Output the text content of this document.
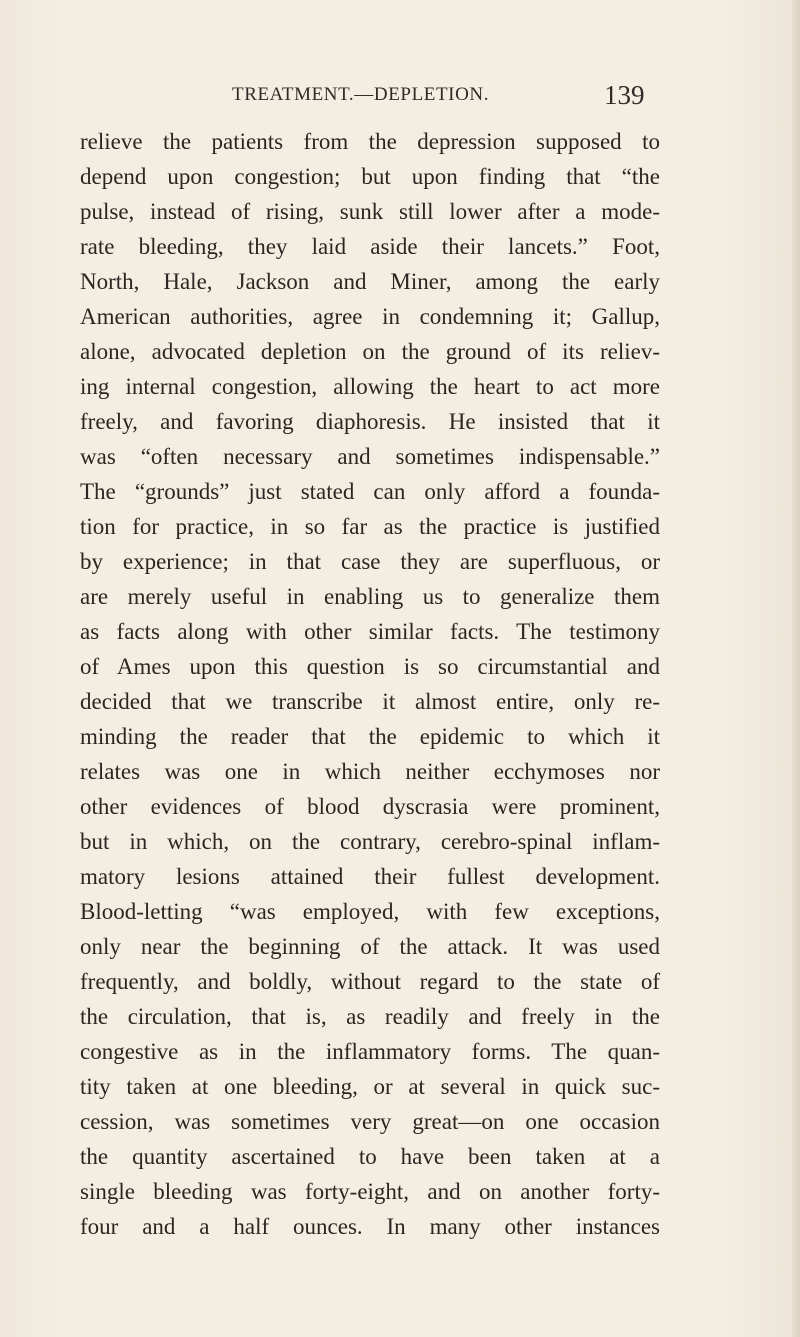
TREATMENT.—DEPLETION.	139
relieve the patients from the depression supposed to
depend upon congestion; but upon finding that “the
pulse, instead of rising, sunk still lower after a mode-
rate bleeding, they laid aside their lancets.” Foot,
North, Hale, Jackson and Miner, among the early
American authorities, agree in condemning it; Gallup,
alone, advocated depletion on the ground of its reliev-
ing internal congestion, allowing the heart to act more
freely, and favoring diaphoresis. He insisted that it
was “often necessary and sometimes indispensable.”
The “grounds” just stated can only afford a founda-
tion for practice, in so far as the practice is justified
by experience; in that case they are superfluous, or
are merely useful in enabling us to generalize them
as facts along with other similar facts. The testimony
of Ames upon this question is so circumstantial and
decided that we transcribe it almost entire, only re-
minding the reader that the epidemic to which it
relates was one in which neither ecchymoses nor
other evidences of blood dyscrasia were prominent,
but in which, on the contrary, cerebro-spinal inflam-
matory lesions attained their fullest development.
Blood-letting “was employed, with few exceptions,
only near the beginning of the attack. It was used
frequently, and boldly, without regard to the state of
the circulation, that is, as readily and freely in the
congestive as in the inflammatory forms. The quan-
tity taken at one bleeding, or at several in quick suc-
cession, was sometimes very great—on one occasion
the quantity ascertained to have been taken at a
single bleeding was forty-eight, and on another forty-
four and a half ounces. In many other instances
